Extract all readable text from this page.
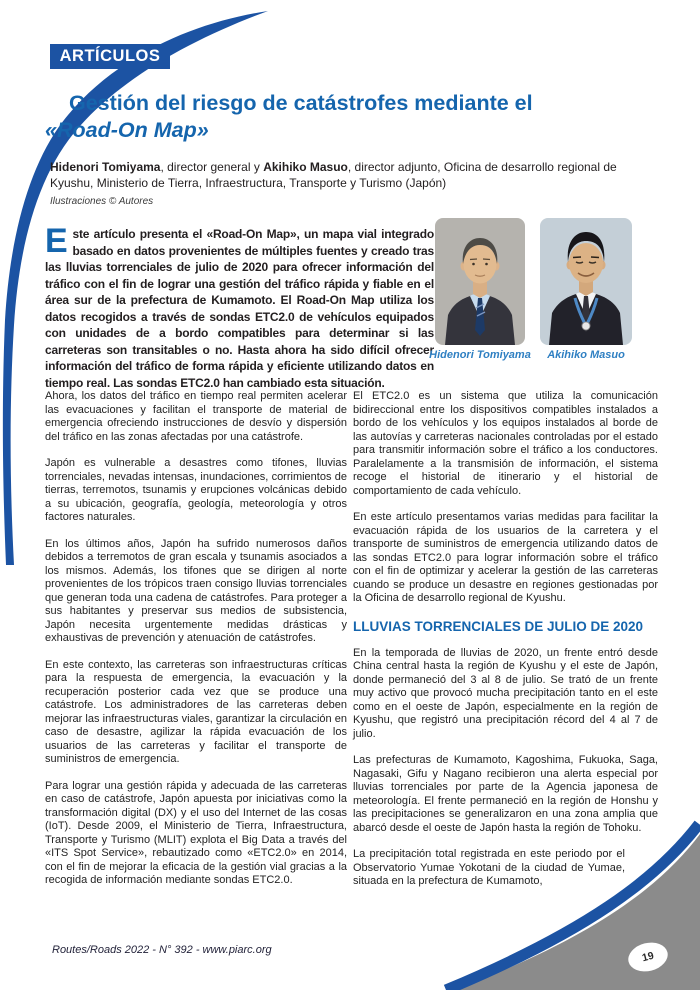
ARTÍCULOS
Gestión del riesgo de catástrofes mediante el
«Road-On Map»
Hidenori Tomiyama, director general y Akihiko Masuo, director adjunto, Oficina de desarrollo regional de Kyushu, Ministerio de Tierra, Infraestructura, Transporte y Turismo (Japón)
Ilustraciones © Autores
Este artículo presenta el «Road-On Map», un mapa vial integrado basado en datos provenientes de múltiples fuentes y creado tras las lluvias torrenciales de julio de 2020 para ofrecer información del tráfico con el fin de lograr una gestión del tráfico rápida y fiable en el área sur de la prefectura de Kumamoto. El Road-On Map utiliza los datos recogidos a través de sondas ETC2.0 de vehículos equipados con unidades de a bordo compatibles para determinar si las carreteras son transitables o no. Hasta ahora ha sido difícil ofrecer información del tráfico de forma rápida y eficiente utilizando datos en tiempo real. Las sondas ETC2.0 han cambiado esta situación.
Hidenori Tomiyama	Akihiko Masuo

Ahora, los datos del tráfico en tiempo real permiten acelerar las evacuaciones y facilitan el transporte de material de emergencia ofreciendo instrucciones de desvío y dispersión del tráfico en las zonas afectadas por una catástrofe.

Japón es vulnerable a desastres como tifones, lluvias torrenciales, nevadas intensas, inundaciones, corrimientos de tierras, terremotos, tsunamis y erupciones volcánicas debido a su ubicación, geografía, geología, meteorología y otros factores naturales.

En los últimos años, Japón ha sufrido numerosos daños debidos a terremotos de gran escala y tsunamis asociados a los mismos. Además, los tifones que se dirigen al norte provenientes de los trópicos traen consigo lluvias torrenciales que generan toda una cadena de catástrofes. Para proteger a sus habitantes y preservar sus medios de subsistencia, Japón necesita urgentemente medidas drásticas y exhaustivas de prevención y atenuación de catástrofes.

En este contexto, las carreteras son infraestructuras críticas para la respuesta de emergencia, la evacuación y la recuperación posterior cada vez que se produce una catástrofe. Los administradores de las carreteras deben mejorar las infraestructuras viales, garantizar la circulación en caso de desastre, agilizar la rápida evacuación de los usuarios de las carreteras y facilitar el transporte de suministros de emergencia.

Para lograr una gestión rápida y adecuada de las carreteras en caso de catástrofe, Japón apuesta por iniciativas como la transformación digital (DX) y el uso del Internet de las cosas (IoT). Desde 2009, el Ministerio de Tierra, Infraestructura, Transporte y Turismo (MLIT) explota el Big Data a través del «ITS Spot Service», rebautizado como «ETC2.0» en 2014, con el fin de mejorar la eficacia de la gestión vial gracias a la recogida de información mediante sondas ETC2.0.

El ETC2.0 es un sistema que utiliza la comunicación bidireccional entre los dispositivos compatibles instalados a bordo de los vehículos y los equipos instalados al borde de las autovías y carreteras nacionales controladas por el estado para transmitir información sobre el tráfico a los conductores. Paralelamente a la transmisión de información, el sistema recoge el historial de itinerario y el historial de comportamiento de cada vehículo.

En este artículo presentamos varias medidas para facilitar la evacuación rápida de los usuarios de la carretera y el transporte de suministros de emergencia utilizando datos de las sondas ETC2.0 para lograr información sobre el tráfico con el fin de optimizar y acelerar la gestión de las carreteras cuando se produce un desastre en regiones gestionadas por la Oficina de desarrollo regional de Kyushu.

LLUVIAS TORRENCIALES DE JULIO DE 2020

En la temporada de lluvias de 2020, un frente entró desde China central hasta la región de Kyushu y el este de Japón, donde permaneció del 3 al 8 de julio. Se trató de un frente muy activo que provocó mucha precipitación tanto en el este como en el oeste de Japón, especialmente en la región de Kyushu, que registró una precipitación récord del 4 al 7 de julio.

Las prefecturas de Kumamoto, Kagoshima, Fukuoka, Saga, Nagasaki, Gifu y Nagano recibieron una alerta especial por lluvias torrenciales por parte de la Agencia japonesa de meteorología. El frente permaneció en la región de Honshu y las precipitaciones se generalizaron en una zona amplia que abarcó desde el oeste de Japón hasta la región de Tohoku.

La precipitación total registrada en este periodo por el Observatorio Yumae Yokotani de la ciudad de Yumae, situada en la prefectura de Kumamoto,

Routes/Roads 2022 - N° 392 - www.piarc.org	19
